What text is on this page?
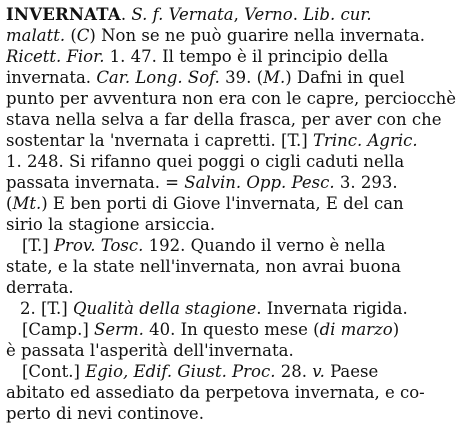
INVERNATA. S. f. Vernata, Verno. Lib. cur.
malatt. (C) Non se ne può guarire nella invernata.
Ricett. Fior. 1. 47. Il tempo è il principio della
invernata. Car. Long. Sof. 39. (M.) Dafni in quel
punto per avventura non era con le capre, perciocchè
stava nella selva a far della frasca, per aver con che
sostentar la 'nvernata i capretti. [T.] Trinc. Agric.
1. 248. Si rifanno quei poggi o cigli caduti nella
passata invernata. = Salvin. Opp. Pesc. 3. 293.
(Mt.) E ben porti di Giove l'invernata, E del can
sirio la stagione arsiccia.
[T.] Prov. Tosc. 192. Quando il verno è nella
state, e la state nell'invernata, non avrai buona
derrata.
2. [T.] Qualità della stagione. Invernata rigida.
[Camp.] Serm. 40. In questo mese (di marzo)
è passata l'asperità dell'invernata.
[Cont.] Egio, Edif. Giust. Proc. 28. v. Paese
abitato ed assediato da perpetova invernata, e co-
perto di nevi continove.
